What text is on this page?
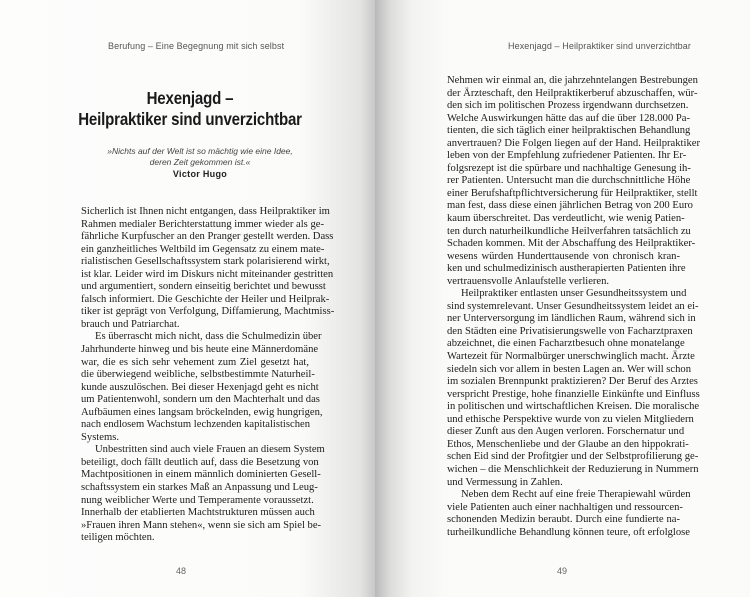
Berufung – Eine Begegnung mit sich selbst
Hexenjagd –
Heilpraktiker sind unverzichtbar
»Nichts auf der Welt ist so mächtig wie eine Idee,
deren Zeit gekommen ist.«
Victor Hugo
Sicherlich ist Ihnen nicht entgangen, dass Heilpraktiker im
Rahmen medialer Berichterstattung immer wieder als ge-
fährliche Kurpfuscher an den Pranger gestellt werden. Dass
ein ganzheitliches Weltbild im Gegensatz zu einem mate-
rialistischen Gesellschaftssystem stark polarisierend wirkt,
ist klar. Leider wird im Diskurs nicht miteinander gestritten
und argumentiert, sondern einseitig berichtet und bewusst
falsch informiert. Die Geschichte der Heiler und Heilprak-
tiker ist geprägt von Verfolgung, Diffamierung, Machtmiss-
brauch und Patriarchat.
Es überrascht mich nicht, dass die Schulmedizin über
Jahrhunderte hinweg und bis heute eine Männerdomäne
war, die es sich sehr vehement zum Ziel gesetzt hat,
die überwiegend weibliche, selbstbestimmte Naturheil-
kunde auszulöschen. Bei dieser Hexenjagd geht es nicht
um Patientenwohl, sondern um den Machterhalt und das
Aufbäumen eines langsam bröckelnden, ewig hungrigen,
nach endlosem Wachstum lechzenden kapitalistischen
Systems.
Unbestritten sind auch viele Frauen an diesem System
beteiligt, doch fällt deutlich auf, dass die Besetzung von
Machtpositionen in einem männlich dominierten Gesell-
schaftssystem ein starkes Maß an Anpassung und Leug-
nung weiblicher Werte und Temperamente voraussetzt.
Innerhalb der etablierten Machtstrukturen müssen auch
»Frauen ihren Mann stehen«, wenn sie sich am Spiel be-
teiligen möchten.
48
Hexenjagd – Heilpraktiker sind unverzichtbar
Nehmen wir einmal an, die jahrzehntelangen Bestrebungen
der Ärzteschaft, den Heilpraktikerberuf abzuschaffen, wür-
den sich im politischen Prozess irgendwann durchsetzen.
Welche Auswirkungen hätte das auf die über 128.000 Pa-
tienten, die sich täglich einer heilpraktischen Behandlung
anvertrauen? Die Folgen liegen auf der Hand. Heilpraktiker
leben von der Empfehlung zufriedener Patienten. Ihr Er-
folgsrezept ist die spürbare und nachhaltige Genesung ih-
rer Patienten. Untersucht man die durchschnittliche Höhe
einer Berufshaftpflichtversicherung für Heilpraktiker, stellt
man fest, dass diese einen jährlichen Betrag von 200 Euro
kaum überschreitet. Das verdeutlicht, wie wenig Patien-
ten durch naturheilkundliche Heilverfahren tatsächlich zu
Schaden kommen. Mit der Abschaffung des Heilpraktiker-
wesens würden Hunderttausende von chronisch kran-
ken und schulmedizinisch austherapierten Patienten ihre
vertrauensvolle Anlaufstelle verlieren.
Heilpraktiker entlasten unser Gesundheitssystem und
sind systemrelevant. Unser Gesundheitssystem leidet an ei-
ner Unterversorgung im ländlichen Raum, während sich in
den Städten eine Privatisierungswelle von Facharztpraxen
abzeichnet, die einen Facharztbesuch ohne monatelange
Wartezeit für Normalbürger unerschwinglich macht. Ärzte
siedeln sich vor allem in besten Lagen an. Wer will schon
im sozialen Brennpunkt praktizieren? Der Beruf des Arztes
verspricht Prestige, hohe finanzielle Einkünfte und Einfluss
in politischen und wirtschaftlichen Kreisen. Die moralische
und ethische Perspektive wurde von zu vielen Mitgliedern
dieser Zunft aus den Augen verloren. Forschernatur und
Ethos, Menschenliebe und der Glaube an den hippokrati-
schen Eid sind der Profitgier und der Selbstprofilierung ge-
wichen – die Menschlichkeit der Reduzierung in Nummern
und Vermessung in Zahlen.
Neben dem Recht auf eine freie Therapiewahl würden
viele Patienten auch einer nachhaltigen und ressourcen-
schonenden Medizin beraubt. Durch eine fundierte na-
turheilkundliche Behandlung können teure, oft erfolglose
49
